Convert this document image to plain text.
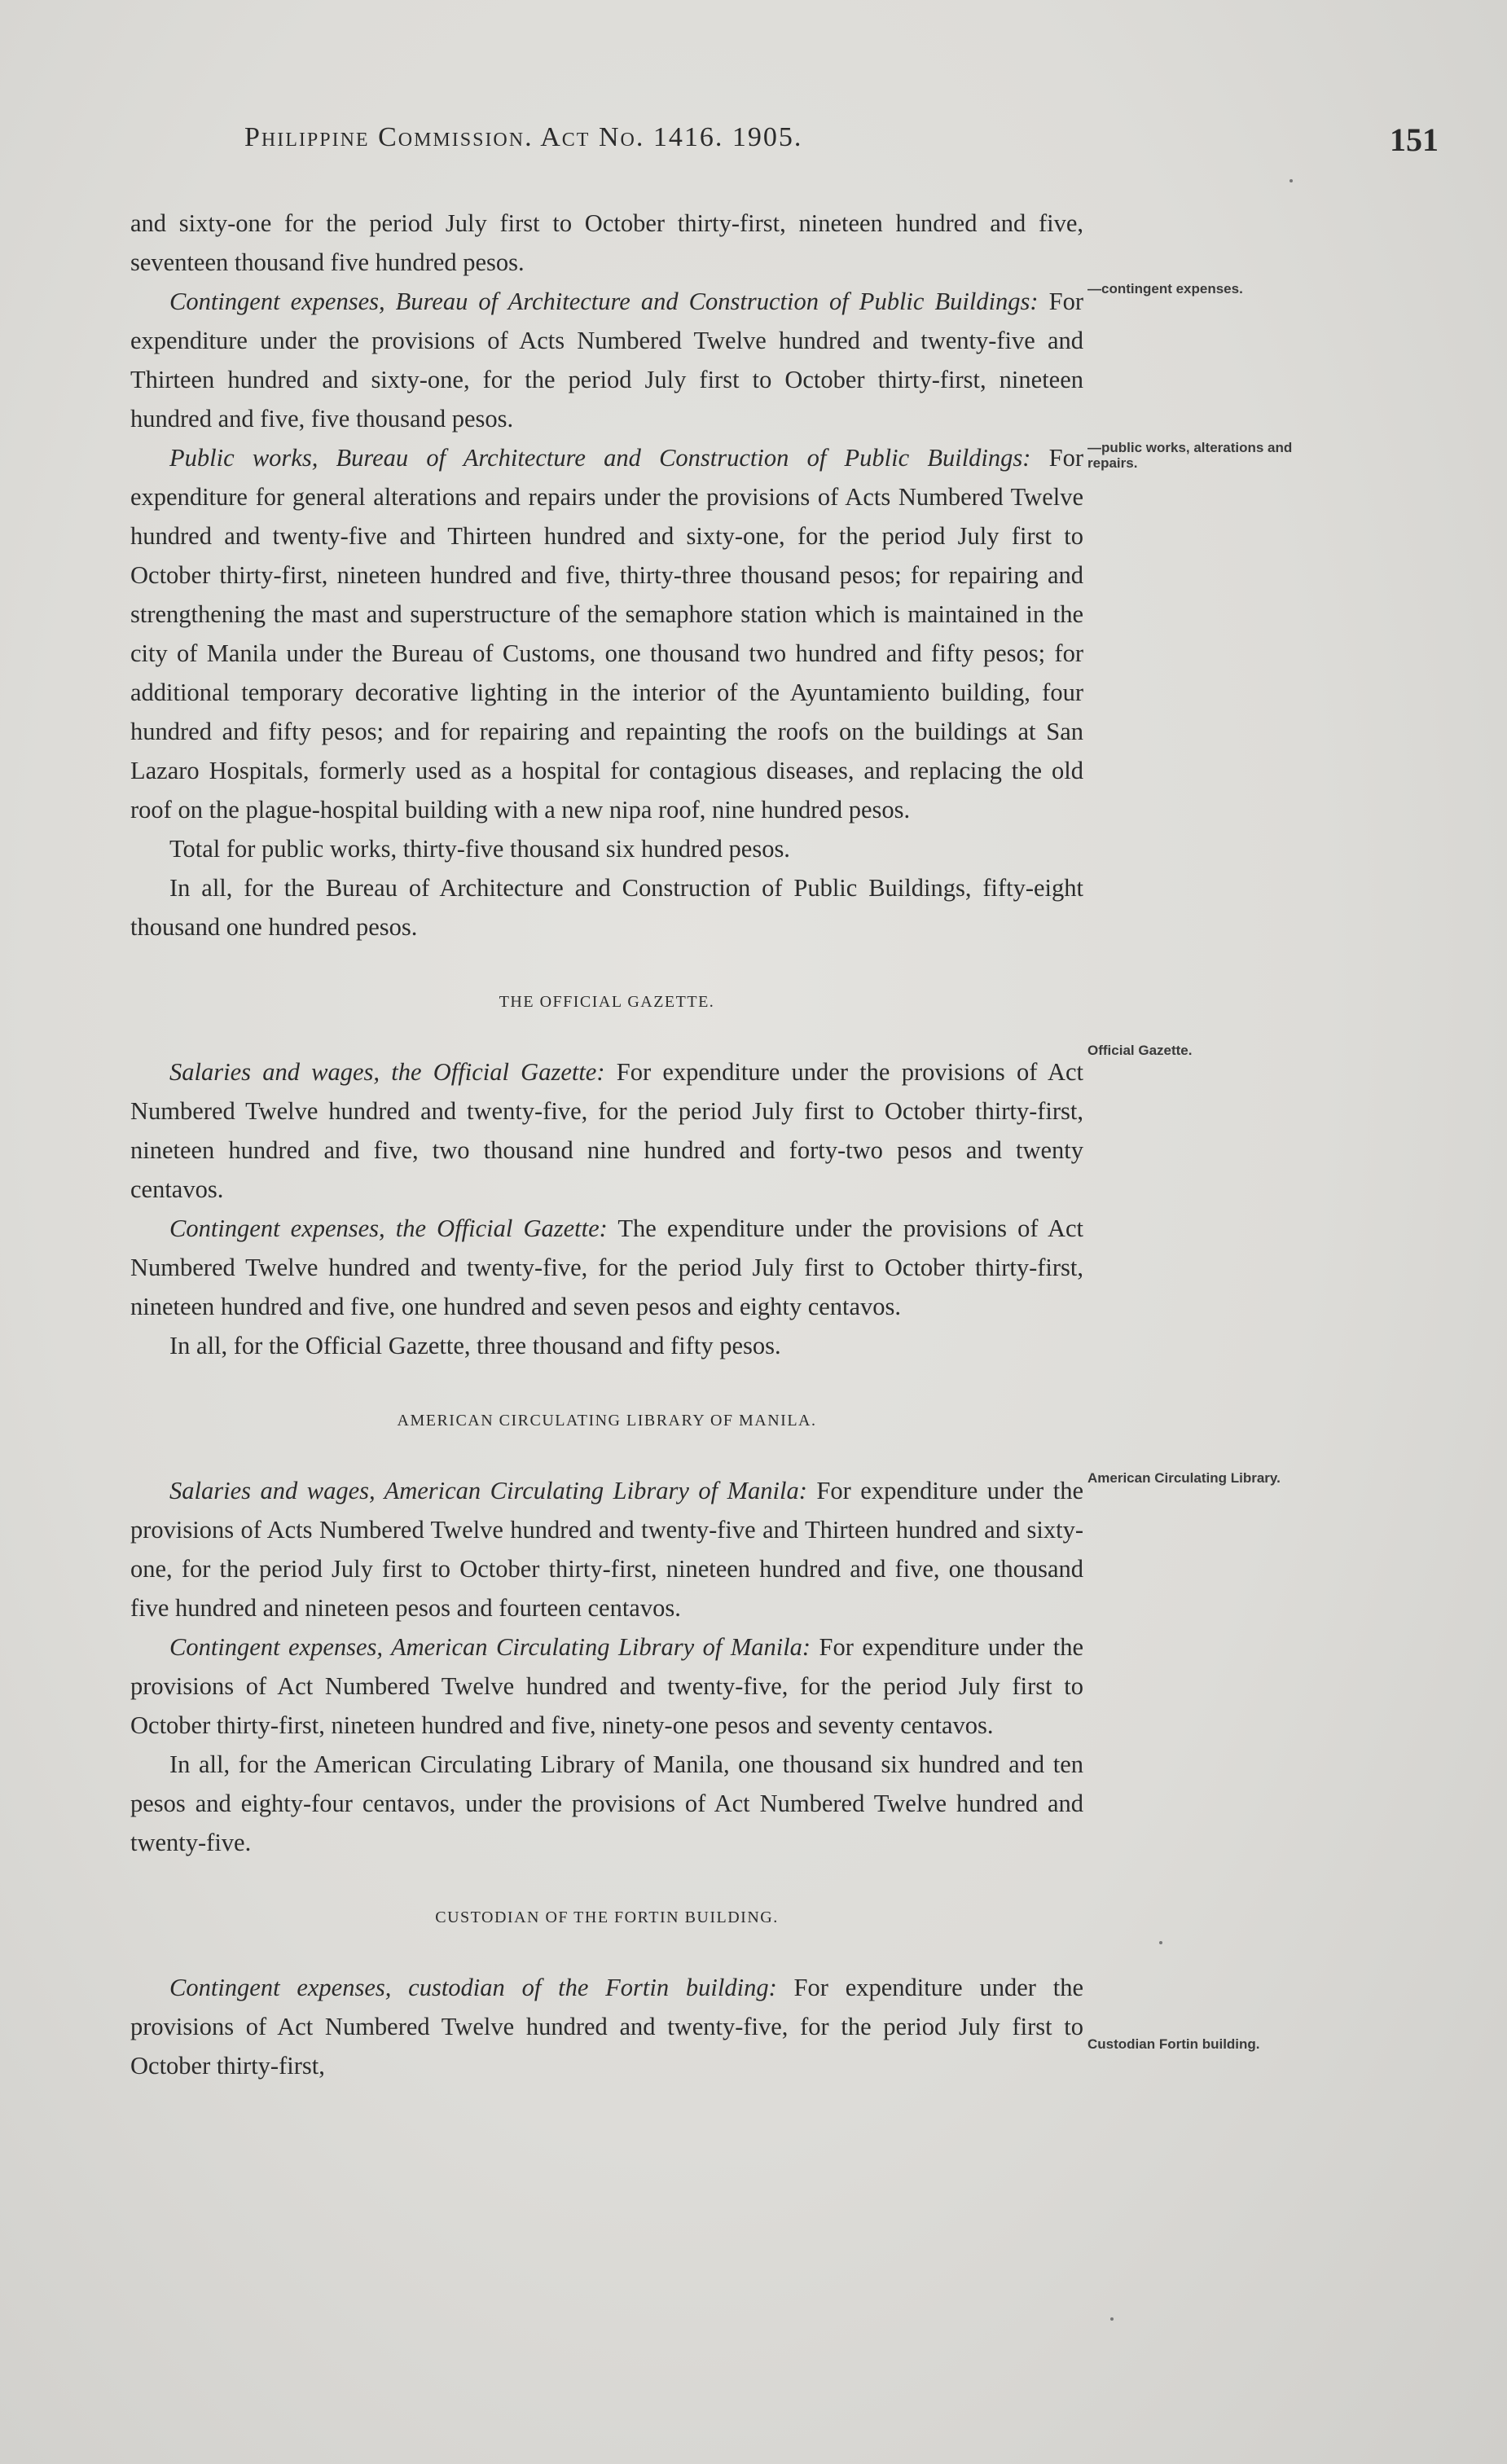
Philippine Commission. Act No. 1416. 1905.	151

and sixty-one for the period July first to October thirty-first, nineteen hundred and five, seventeen thousand five hundred pesos.

Contingent expenses, Bureau of Architecture and Construction of Public Buildings: For expenditure under the provisions of Acts Numbered Twelve hundred and twenty-five and Thirteen hundred and sixty-one, for the period July first to October thirty-first, nineteen hundred and five, five thousand pesos.

Public works, Bureau of Architecture and Construction of Public Buildings: For expenditure for general alterations and repairs under the provisions of Acts Numbered Twelve hundred and twenty-five and Thirteen hundred and sixty-one, for the period July first to October thirty-first, nineteen hundred and five, thirty-three thousand pesos; for repairing and strengthening the mast and superstructure of the semaphore station which is maintained in the city of Manila under the Bureau of Customs, one thousand two hundred and fifty pesos; for additional temporary decorative lighting in the interior of the Ayuntamiento building, four hundred and fifty pesos; and for repairing and repainting the roofs on the buildings at San Lazaro Hospitals, formerly used as a hospital for contagious diseases, and replacing the old roof on the plague-hospital building with a new nipa roof, nine hundred pesos.

Total for public works, thirty-five thousand six hundred pesos.

In all, for the Bureau of Architecture and Construction of Public Buildings, fifty-eight thousand one hundred pesos.

THE OFFICIAL GAZETTE.

Salaries and wages, the Official Gazette: For expenditure under the provisions of Act Numbered Twelve hundred and twenty-five, for the period July first to October thirty-first, nineteen hundred and five, two thousand nine hundred and forty-two pesos and twenty centavos.

Contingent expenses, the Official Gazette: The expenditure under the provisions of Act Numbered Twelve hundred and twenty-five, for the period July first to October thirty-first, nineteen hundred and five, one hundred and seven pesos and eighty centavos.

In all, for the Official Gazette, three thousand and fifty pesos.

AMERICAN CIRCULATING LIBRARY OF MANILA.

Salaries and wages, American Circulating Library of Manila: For expenditure under the provisions of Acts Numbered Twelve hundred and twenty-five and Thirteen hundred and sixty-one, for the period July first to October thirty-first, nineteen hundred and five, one thousand five hundred and nineteen pesos and fourteen centavos.

Contingent expenses, American Circulating Library of Manila: For expenditure under the provisions of Act Numbered Twelve hundred and twenty-five, for the period July first to October thirty-first, nineteen hundred and five, ninety-one pesos and seventy centavos.

In all, for the American Circulating Library of Manila, one thousand six hundred and ten pesos and eighty-four centavos, under the provisions of Act Numbered Twelve hundred and twenty-five.

CUSTODIAN OF THE FORTIN BUILDING.

Contingent expenses, custodian of the Fortin building: For expenditure under the provisions of Act Numbered Twelve hundred and twenty-five, for the period July first to October thirty-first,

—contingent expenses.
—public works, alterations and repairs.
Official Gazette.
American Circulating Library.
Custodian Fortin building.
